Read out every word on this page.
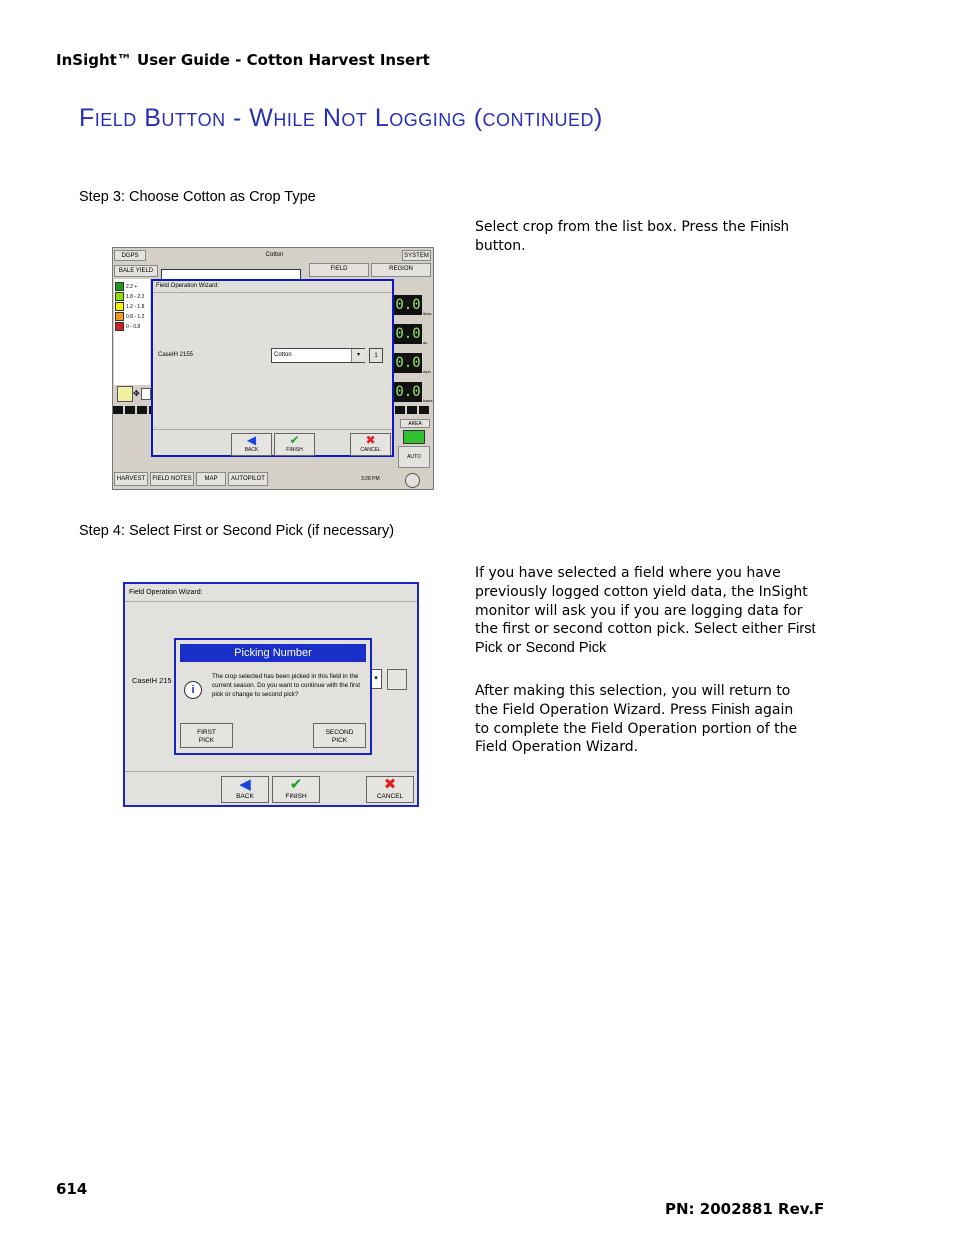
InSight™ User Guide - Cotton Harvest Insert
Field Button - While Not Logging (continued)
Step 3: Choose Cotton as Crop Type
Select crop from the list box. Press the Finish
button.
DGPS	Cotton	SYSTEM
BALE YIELD	FIELD	REGION
2.2 +
1.8 - 2.2
1.2 - 1.8
0.8 - 1.2
0 - 0.8
✥
0.0
lb/ac
0.0
ac
0.0
mph
0.0
bales
AREA
AUTO
Field Operation Wizard:
CaseIH 2155	Cotton	▾	1
◀
BACK
✔
FINISH
✖
CANCEL
HARVEST	FIELD NOTES	MAP	AUTOPILOT	3:28 PM
Step 4: Select First or Second Pick (if necessary)
If you have selected a field where you have
previously logged cotton yield data, the InSight
monitor will ask you if you are logging data for
the first or second cotton pick. Select either First
Pick or Second Pick
After making this selection, you will return to
the Field Operation Wizard. Press Finish again
to complete the Field Operation portion of the
Field Operation Wizard.
Field Operation Wizard:
CaseIH 215	▾
◀
BACK
✔
FINISH
✖
CANCEL
Picking Number
i
The crop selected has been picked in this field in the current season. Do you want to continue with the first pick or change to second pick?
FIRST
PICK
SECOND
PICK
614
PN: 2002881 Rev.F
